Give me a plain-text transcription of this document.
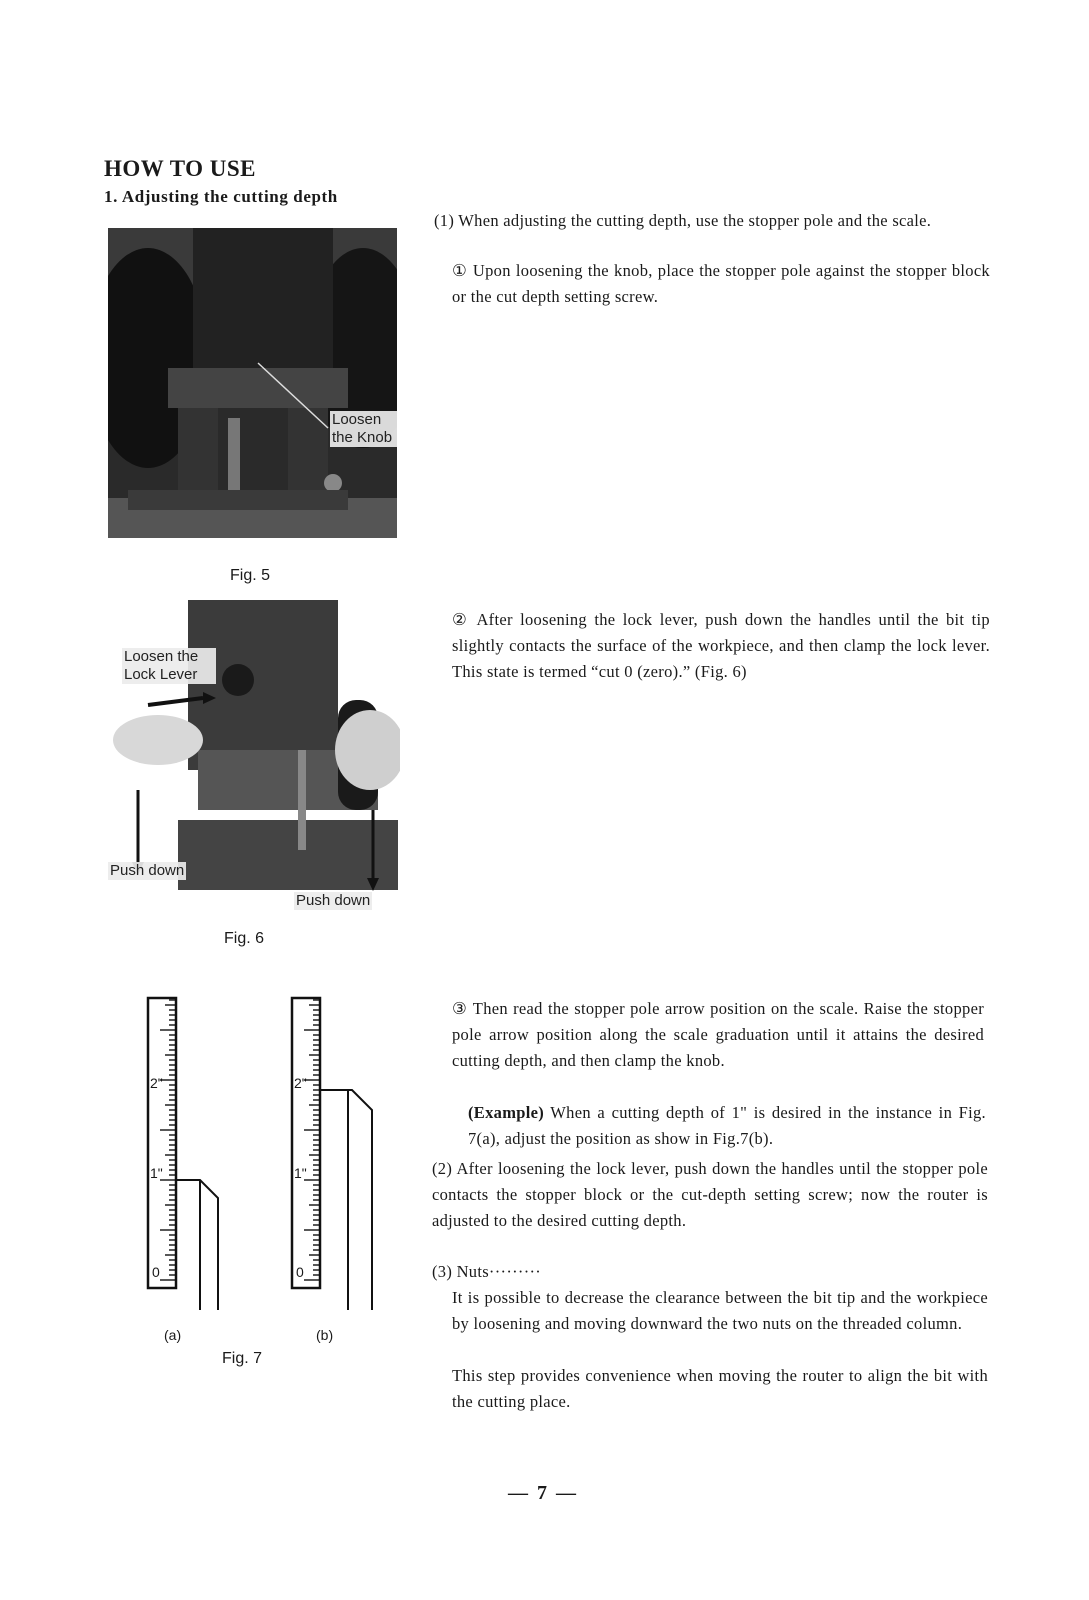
HOW TO USE
1. Adjusting the cutting depth
Loosen the Knob
Fig. 5
Loosen the Lock Lever
Push down
Push down
Fig. 6
2"
1"
0
2"
1"
0
(a)	(b)
Fig. 7
(1) When adjusting the cutting depth, use the stopper pole and the scale.
① Upon loosening the knob, place the stopper pole against the stopper block or the cut depth setting screw.
② After loosening the lock lever, push down the handles until the bit tip slightly contacts the surface of the workpiece, and then clamp the lock lever. This state is termed “cut 0 (zero).” (Fig. 6)
③ Then read the stopper pole arrow position on the scale. Raise the stopper pole arrow position along the scale graduation until it attains the desired cutting depth, and then clamp the knob.
(Example) When a cutting depth of 1" is desired in the instance in Fig. 7(a), adjust the position as show in Fig.7(b).
(2) After loosening the lock lever, push down the handles until the stopper pole contacts the stopper block or the cut-depth setting screw; now the router is adjusted to the desired cutting depth.
(3) Nuts·········
It is possible to decrease the clearance between the bit tip and the workpiece by loosening and moving downward the two nuts on the threaded column.
This step provides convenience when moving the router to align the bit with the cutting place.
— 7 —
